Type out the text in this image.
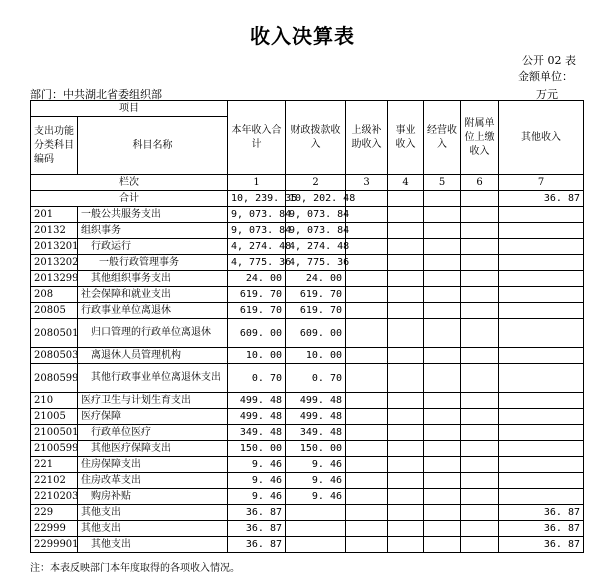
收入决算表
公开 02 表
金额单位：
部门：中共湖北省委组织部	万元
项目		本年收入合计	财政拨款收入	上级补助收入	事业收入	经营收入	附属单位上缴收入	其他收入
支出功能分类科目编码	科目名称							
栏次		1	2	3	4	5	6	7
合计		10, 239. 35	10, 202. 48					36. 87
201	一般公共服务支出	9, 073. 84	9, 073. 84					
20132	组织事务	9, 073. 84	9, 073. 84					
2013201	行政运行	4, 274. 48	4, 274. 48					
2013202	一般行政管理事务	4, 775. 36	4, 775. 36					
2013299	其他组织事务支出	24. 00	24. 00					
208	社会保障和就业支出	619. 70	619. 70					
20805	行政事业单位离退休	619. 70	619. 70					
2080501	归口管理的行政单位离退休	609. 00	609. 00					
2080503	离退休人员管理机构	10. 00	10. 00					
2080599	其他行政事业单位离退休支出	0. 70	0. 70					
210	医疗卫生与计划生育支出	499. 48	499. 48					
21005	医疗保障	499. 48	499. 48					
2100501	行政单位医疗	349. 48	349. 48					
2100599	其他医疗保障支出	150. 00	150. 00					
221	住房保障支出	9. 46	9. 46					
22102	住房改革支出	9. 46	9. 46					
2210203	购房补贴	9. 46	9. 46					
229	其他支出	36. 87						36. 87
22999	其他支出	36. 87						36. 87
2299901	其他支出	36. 87						36. 87
注：本表反映部门本年度取得的各项收入情况。
